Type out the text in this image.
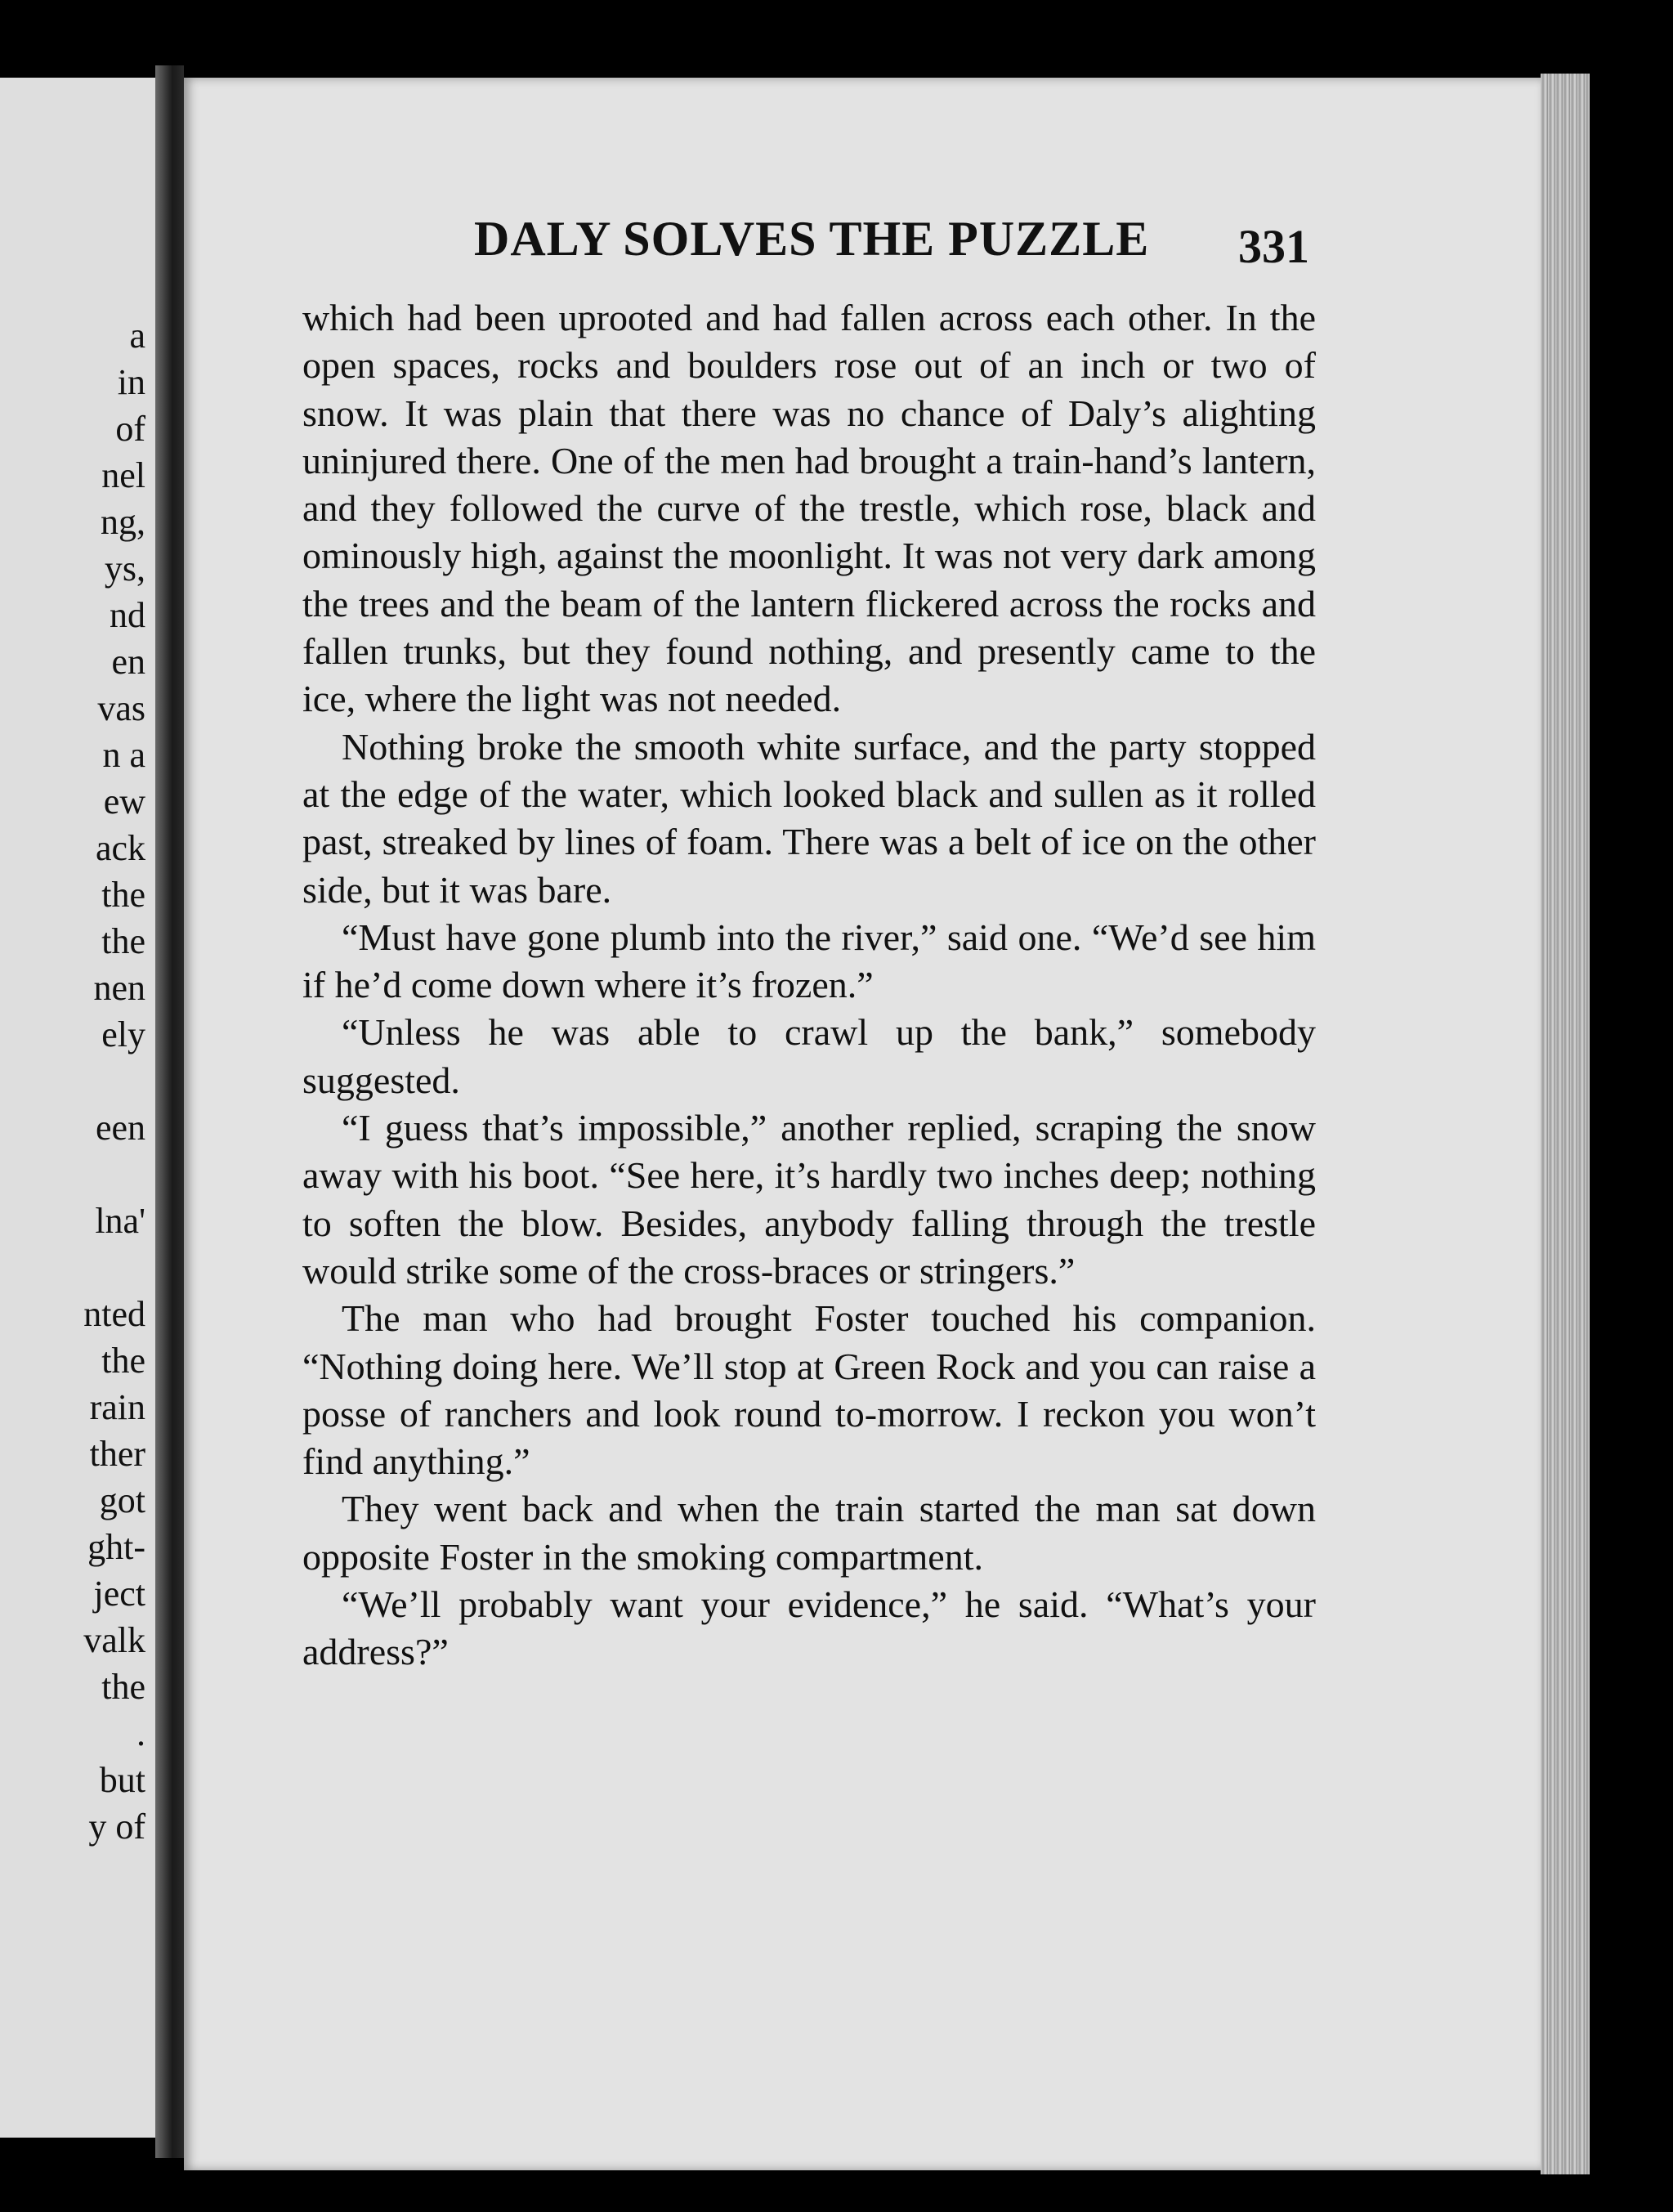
a
in
of
nel
ng,
ys,
nd
en
vas
n a
ew
ack
the
the
nen
ely
een
lna'
nted
the
rain
ther
got
ght-
ject
valk
the
.
but
y of
DALY SOLVES THE PUZZLE 331

which had been uprooted and had fallen across each other. In the open spaces, rocks and boulders rose out of an inch or two of snow. It was plain that there was no chance of Daly’s alighting uninjured there. One of the men had brought a train-hand’s lantern, and they followed the curve of the trestle, which rose, black and ominously high, against the moonlight. It was not very dark among the trees and the beam of the lantern flickered across the rocks and fallen trunks, but they found nothing, and presently came to the ice, where the light was not needed.

Nothing broke the smooth white surface, and the party stopped at the edge of the water, which looked black and sullen as it rolled past, streaked by lines of foam. There was a belt of ice on the other side, but it was bare.

“Must have gone plumb into the river,” said one. “We’d see him if he’d come down where it’s frozen.”

“Unless he was able to crawl up the bank,” somebody suggested.

“I guess that’s impossible,” another replied, scraping the snow away with his boot. “See here, it’s hardly two inches deep; nothing to soften the blow. Besides, anybody falling through the trestle would strike some of the cross-braces or stringers.”

The man who had brought Foster touched his companion. “Nothing doing here. We’ll stop at Green Rock and you can raise a posse of ranchers and look round to-morrow. I reckon you won’t find anything.”

They went back and when the train started the man sat down opposite Foster in the smoking compartment.

“We’ll probably want your evidence,” he said. “What’s your address?”
